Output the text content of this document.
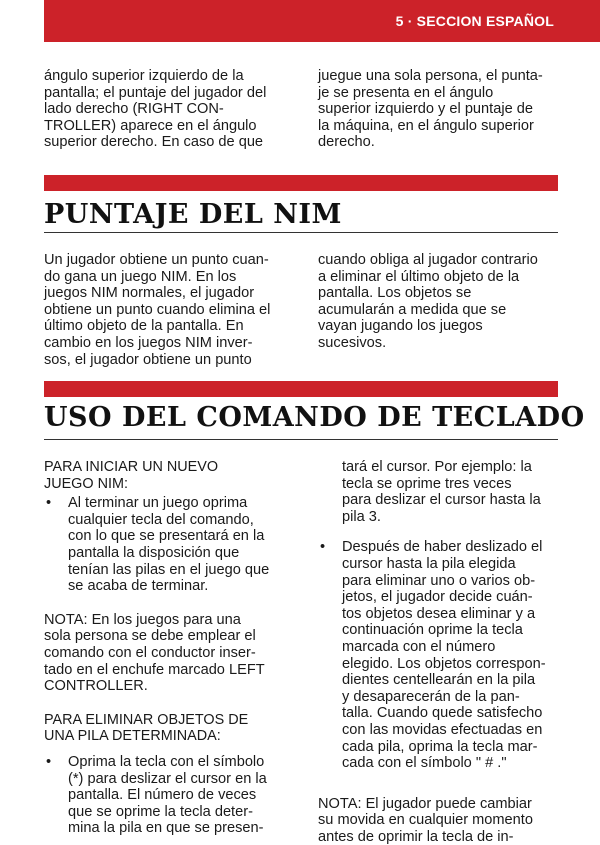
5 · SECCION ESPAÑOL
ángulo superior izquierdo de la
pantalla; el puntaje del jugador del
lado derecho (RIGHT CON-
TROLLER) aparece en el ángulo
superior derecho. En caso de que
juegue una sola persona, el punta-
je se presenta en el ángulo
superior izquierdo y el puntaje de
la máquina, en el ángulo superior
derecho.
PUNTAJE DEL NIM
Un jugador obtiene un punto cuan-
do gana un juego NIM. En los
juegos NIM normales, el jugador
obtiene un punto cuando elimina el
último objeto de la pantalla. En
cambio en los juegos NIM inver-
sos, el jugador obtiene un punto
cuando obliga al jugador contrario
a eliminar el último objeto de la
pantalla. Los objetos se
acumularán a medida que se
vayan jugando los juegos
sucesivos.
USO DEL COMANDO DE TECLADO
PARA INICIAR UN NUEVO
JUEGO NIM:
• Al terminar un juego oprima
cualquier tecla del comando,
con lo que se presentará en la
pantalla la disposición que
tenían las pilas en el juego que
se acaba de terminar.
NOTA: En los juegos para una
sola persona se debe emplear el
comando con el conductor inser-
tado en el enchufe marcado LEFT
CONTROLLER.
PARA ELIMINAR OBJETOS DE
UNA PILA DETERMINADA:
• Oprima la tecla con el símbolo
(*) para deslizar el cursor en la
pantalla. El número de veces
que se oprime la tecla deter-
mina la pila en que se presen-
tará el cursor. Por ejemplo: la
tecla se oprime tres veces
para deslizar el cursor hasta la
pila 3.
• Después de haber deslizado el
cursor hasta la pila elegida
para eliminar uno o varios ob-
jetos, el jugador decide cuán-
tos objetos desea eliminar y a
continuación oprime la tecla
marcada con el número
elegido. Los objetos correspon-
dientes centellearán en la pila
y desaparecerán de la pan-
talla. Cuando quede satisfecho
con las movidas efectuadas en
cada pila, oprima la tecla mar-
cada con el símbolo " # ."
NOTA: El jugador puede cambiar
su movida en cualquier momento
antes de oprimir la tecla de in-
